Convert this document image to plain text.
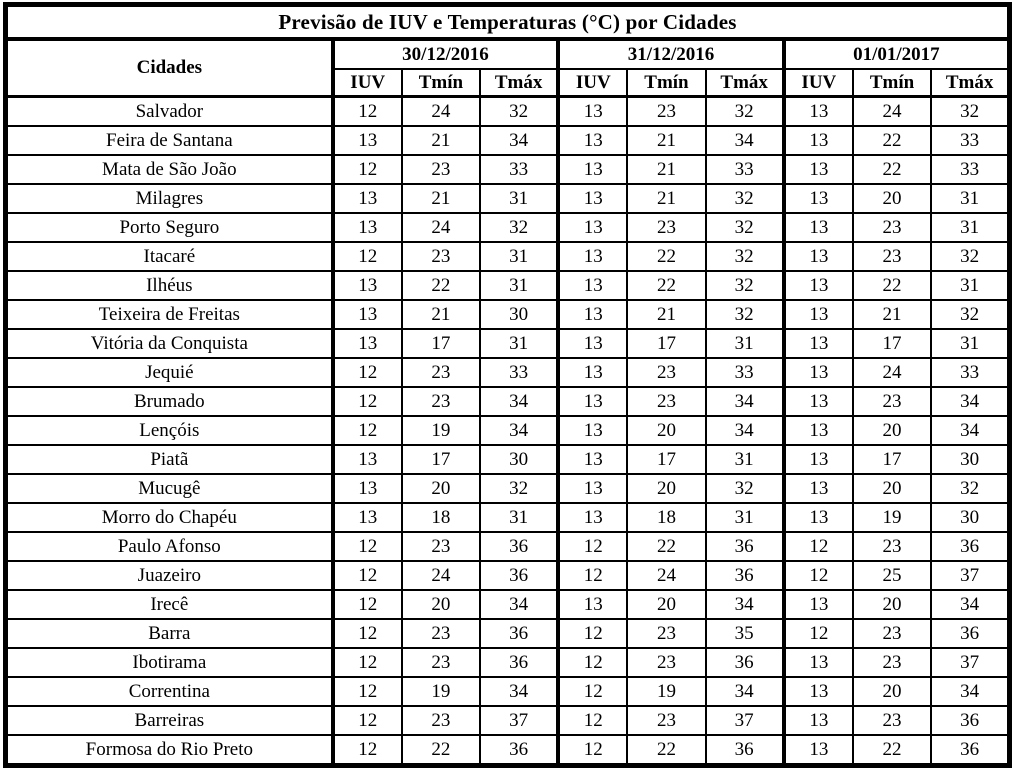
Previsão de IUV e Temperaturas (°C) por Cidades									
Cidades	30/12/2016			31/12/2016			01/01/2017		
	IUV	Tmín	Tmáx	IUV	Tmín	Tmáx	IUV	Tmín	Tmáx
Salvador	12	24	32	13	23	32	13	24	32
Feira de Santana	13	21	34	13	21	34	13	22	33
Mata de São João	12	23	33	13	21	33	13	22	33
Milagres	13	21	31	13	21	32	13	20	31
Porto Seguro	13	24	32	13	23	32	13	23	31
Itacaré	12	23	31	13	22	32	13	23	32
Ilhéus	13	22	31	13	22	32	13	22	31
Teixeira de Freitas	13	21	30	13	21	32	13	21	32
Vitória da Conquista	13	17	31	13	17	31	13	17	31
Jequié	12	23	33	13	23	33	13	24	33
Brumado	12	23	34	13	23	34	13	23	34
Lençóis	12	19	34	13	20	34	13	20	34
Piatã	13	17	30	13	17	31	13	17	30
Mucugê	13	20	32	13	20	32	13	20	32
Morro do Chapéu	13	18	31	13	18	31	13	19	30
Paulo Afonso	12	23	36	12	22	36	12	23	36
Juazeiro	12	24	36	12	24	36	12	25	37
Irecê	12	20	34	13	20	34	13	20	34
Barra	12	23	36	12	23	35	12	23	36
Ibotirama	12	23	36	12	23	36	13	23	37
Correntina	12	19	34	12	19	34	13	20	34
Barreiras	12	23	37	12	23	37	13	23	36
Formosa do Rio Preto	12	22	36	12	22	36	13	22	36
